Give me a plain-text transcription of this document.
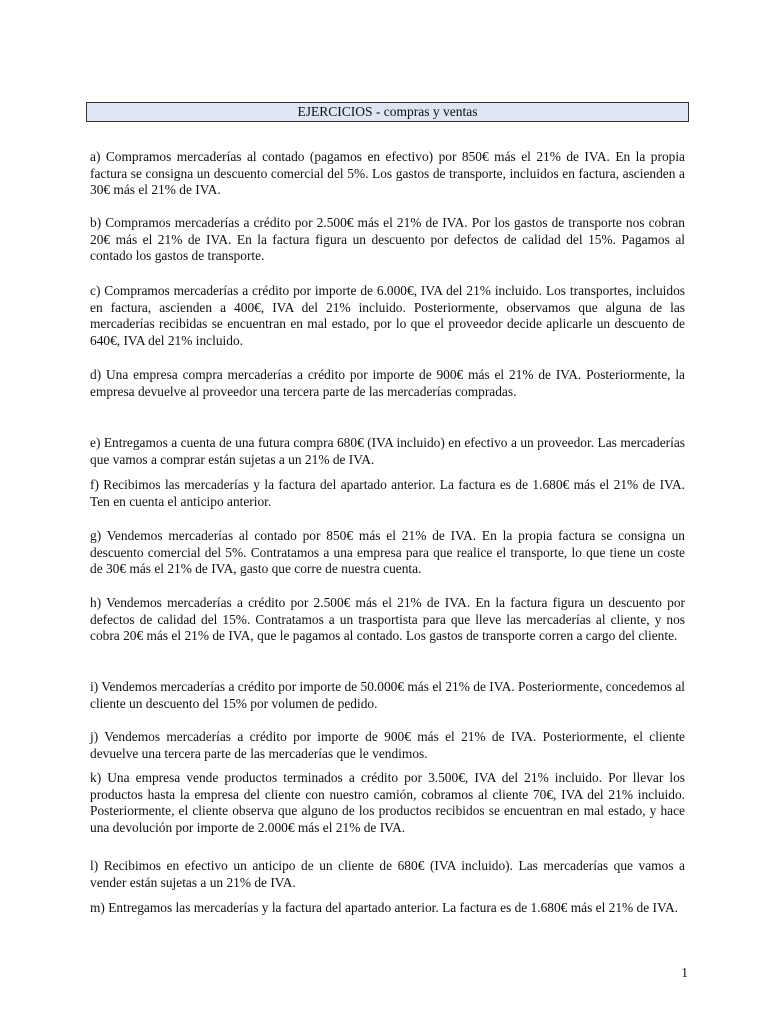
EJERCICIOS - compras y ventas

a) Compramos mercaderías al contado (pagamos en efectivo) por 850€ más el 21% de IVA. En la propia factura se consigna un descuento comercial del 5%. Los gastos de transporte, incluidos en factura, ascienden a 30€ más el 21% de IVA.

b) Compramos mercaderías a crédito por 2.500€ más el 21% de IVA. Por los gastos de transporte nos cobran 20€ más el 21% de IVA. En la factura figura un descuento por defectos de calidad del 15%. Pagamos al contado los gastos de transporte.

c) Compramos mercaderías a crédito por importe de 6.000€, IVA del 21% incluido. Los transportes, incluidos en factura, ascienden a 400€, IVA del 21% incluido. Posteriormente, observamos que alguna de las mercaderías recibidas se encuentran en mal estado, por lo que el proveedor decide aplicarle un descuento de 640€, IVA del 21% incluido.

d) Una empresa compra mercaderías a crédito por importe de 900€ más el 21% de IVA. Posteriormente, la empresa devuelve al proveedor una tercera parte de las mercaderías compradas.

e) Entregamos a cuenta de una futura compra 680€ (IVA incluido) en efectivo a un proveedor. Las mercaderías que vamos a comprar están sujetas a un 21% de IVA.

f) Recibimos las mercaderías y la factura del apartado anterior. La factura es de 1.680€ más el 21% de IVA. Ten en cuenta el anticipo anterior.

g) Vendemos mercaderías al contado por 850€ más el 21% de IVA. En la propia factura se consigna un descuento comercial del 5%. Contratamos a una empresa para que realice el transporte, lo que tiene un coste de 30€ más el 21% de IVA, gasto que corre de nuestra cuenta.

h) Vendemos mercaderías a crédito por 2.500€ más el 21% de IVA. En la factura figura un descuento por defectos de calidad del 15%. Contratamos a un trasportista para que lleve las mercaderías al cliente, y nos cobra 20€ más el 21% de IVA, que le pagamos al contado. Los gastos de transporte corren a cargo del cliente.

i) Vendemos mercaderías a crédito por importe de 50.000€ más el 21% de IVA. Posteriormente, concedemos al cliente un descuento del 15% por volumen de pedido.

j) Vendemos mercaderías a crédito por importe de 900€ más el 21% de IVA. Posteriormente, el cliente devuelve una tercera parte de las mercaderías que le vendimos.

k) Una empresa vende productos terminados a crédito por 3.500€, IVA del 21% incluido. Por llevar los productos hasta la empresa del cliente con nuestro camión, cobramos al cliente 70€, IVA del 21% incluido. Posteriormente, el cliente observa que alguno de los productos recibidos se encuentran en mal estado, y hace una devolución por importe de 2.000€ más el 21% de IVA.

l) Recibimos en efectivo un anticipo de un cliente de 680€ (IVA incluido). Las mercaderías que vamos a vender están sujetas a un 21% de IVA.

m) Entregamos las mercaderías y la factura del apartado anterior. La factura es de 1.680€ más el 21% de IVA.

1
